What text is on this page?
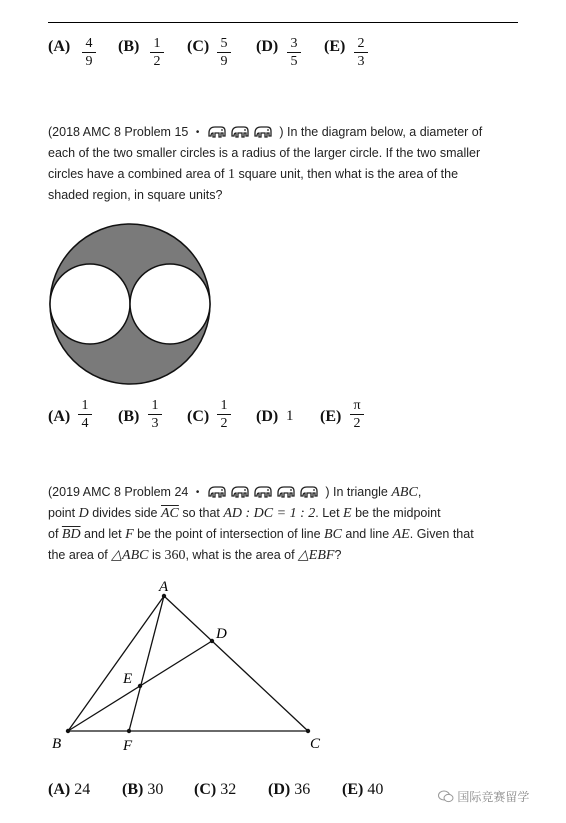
$(A) \frac{4}{9} (B) \frac{1}{2} (C) \frac{5}{9} (D) \frac{3}{5} (E) \frac{2}{3}$
(2018 AMC 8 Problem 15 •	) In the diagram below, a diameter of
each of the two smaller circles is a radius of the larger circle. If the two smaller
circles have a combined area of 1 square unit, then what is the area of the
shaded region, in square units?
$(A) \frac{1}{4} (B) \frac{1}{3} (C) \frac{1}{2} (D)$ 1 $(E) \frac{\pi}{2}$
(2019 AMC 8 Problem 24 •	) In triangle ABC,
point D divides side $\overline{AC}$ so that AD : DC = 1 : 2. Let E be the midpoint
of $\overline{BD}$ and let F be the point of intersection of line BC and line AE. Given that
the area of △ABC is 360, what is the area of △EBF?
A
B	C
D
E
F
(A) 24 (B) 30 (C) 32 (D) 36 (E) 40	国际竞赛留学
